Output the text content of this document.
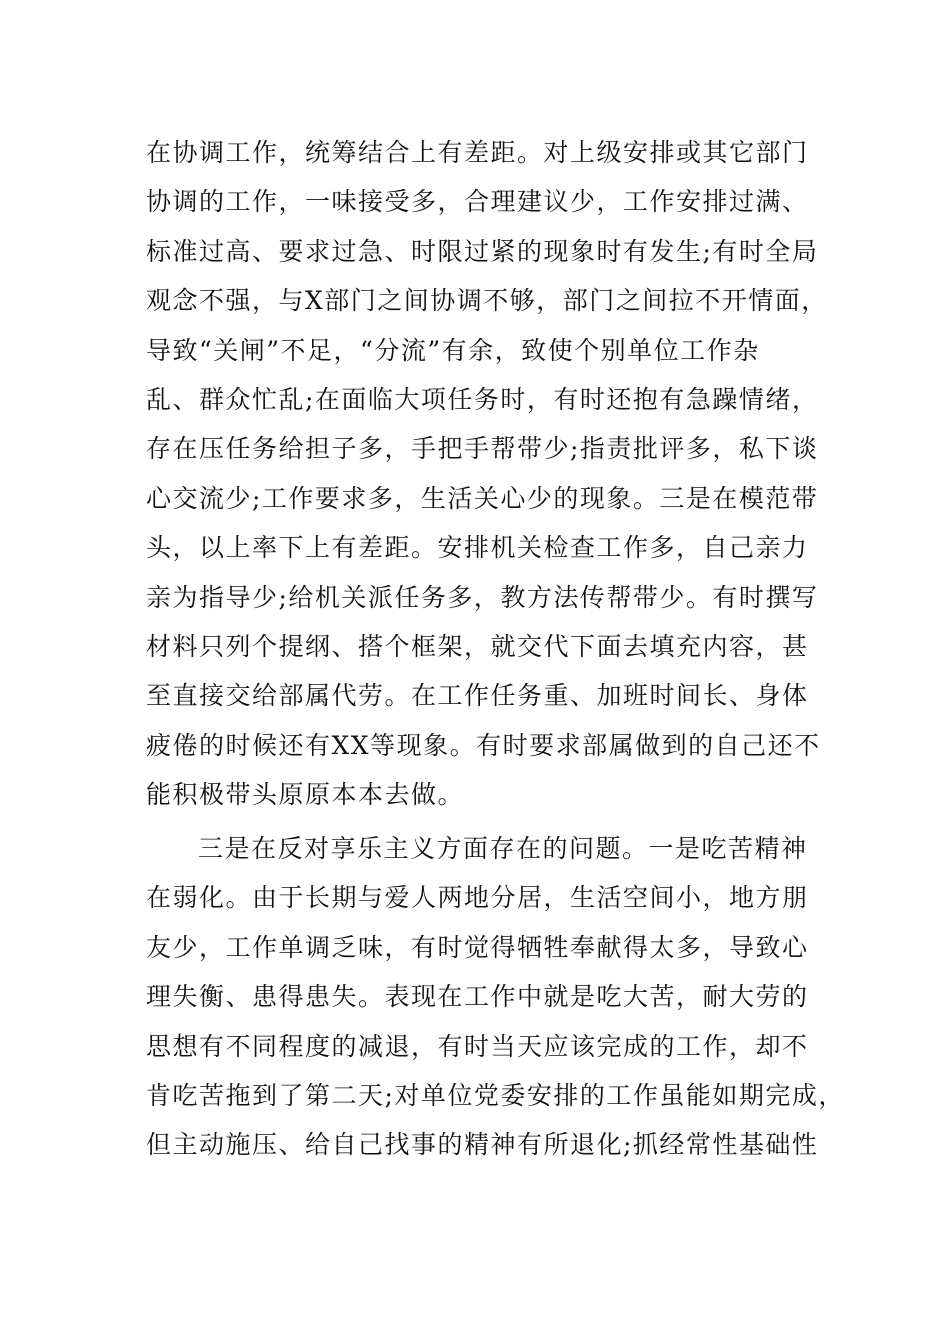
在协调工作，统筹结合上有差距。对上级安排或其它部门
协调的工作，一味接受多，合理建议少，工作安排过满、
标准过高、要求过急、时限过紧的现象时有发生;有时全局
观念不强，与X部门之间协调不够，部门之间拉不开情面，
导致“关闸”不足，“分流”有余，致使个别单位工作杂
乱、群众忙乱;在面临大项任务时，有时还抱有急躁情绪，
存在压任务给担子多，手把手帮带少;指责批评多，私下谈
心交流少;工作要求多，生活关心少的现象。三是在模范带
头，以上率下上有差距。安排机关检查工作多，自己亲力
亲为指导少;给机关派任务多，教方法传帮带少。有时撰写
材料只列个提纲、搭个框架，就交代下面去填充内容，甚
至直接交给部属代劳。在工作任务重、加班时间长、身体
疲倦的时候还有XX等现象。有时要求部属做到的自己还不
能积极带头原原本本去做。
三是在反对享乐主义方面存在的问题。一是吃苦精神
在弱化。由于长期与爱人两地分居，生活空间小，地方朋
友少，工作单调乏味，有时觉得牺牲奉献得太多，导致心
理失衡、患得患失。表现在工作中就是吃大苦，耐大劳的
思想有不同程度的减退，有时当天应该完成的工作，却不
肯吃苦拖到了第二天;对单位党委安排的工作虽能如期完成，
但主动施压、给自己找事的精神有所退化;抓经常性基础性
